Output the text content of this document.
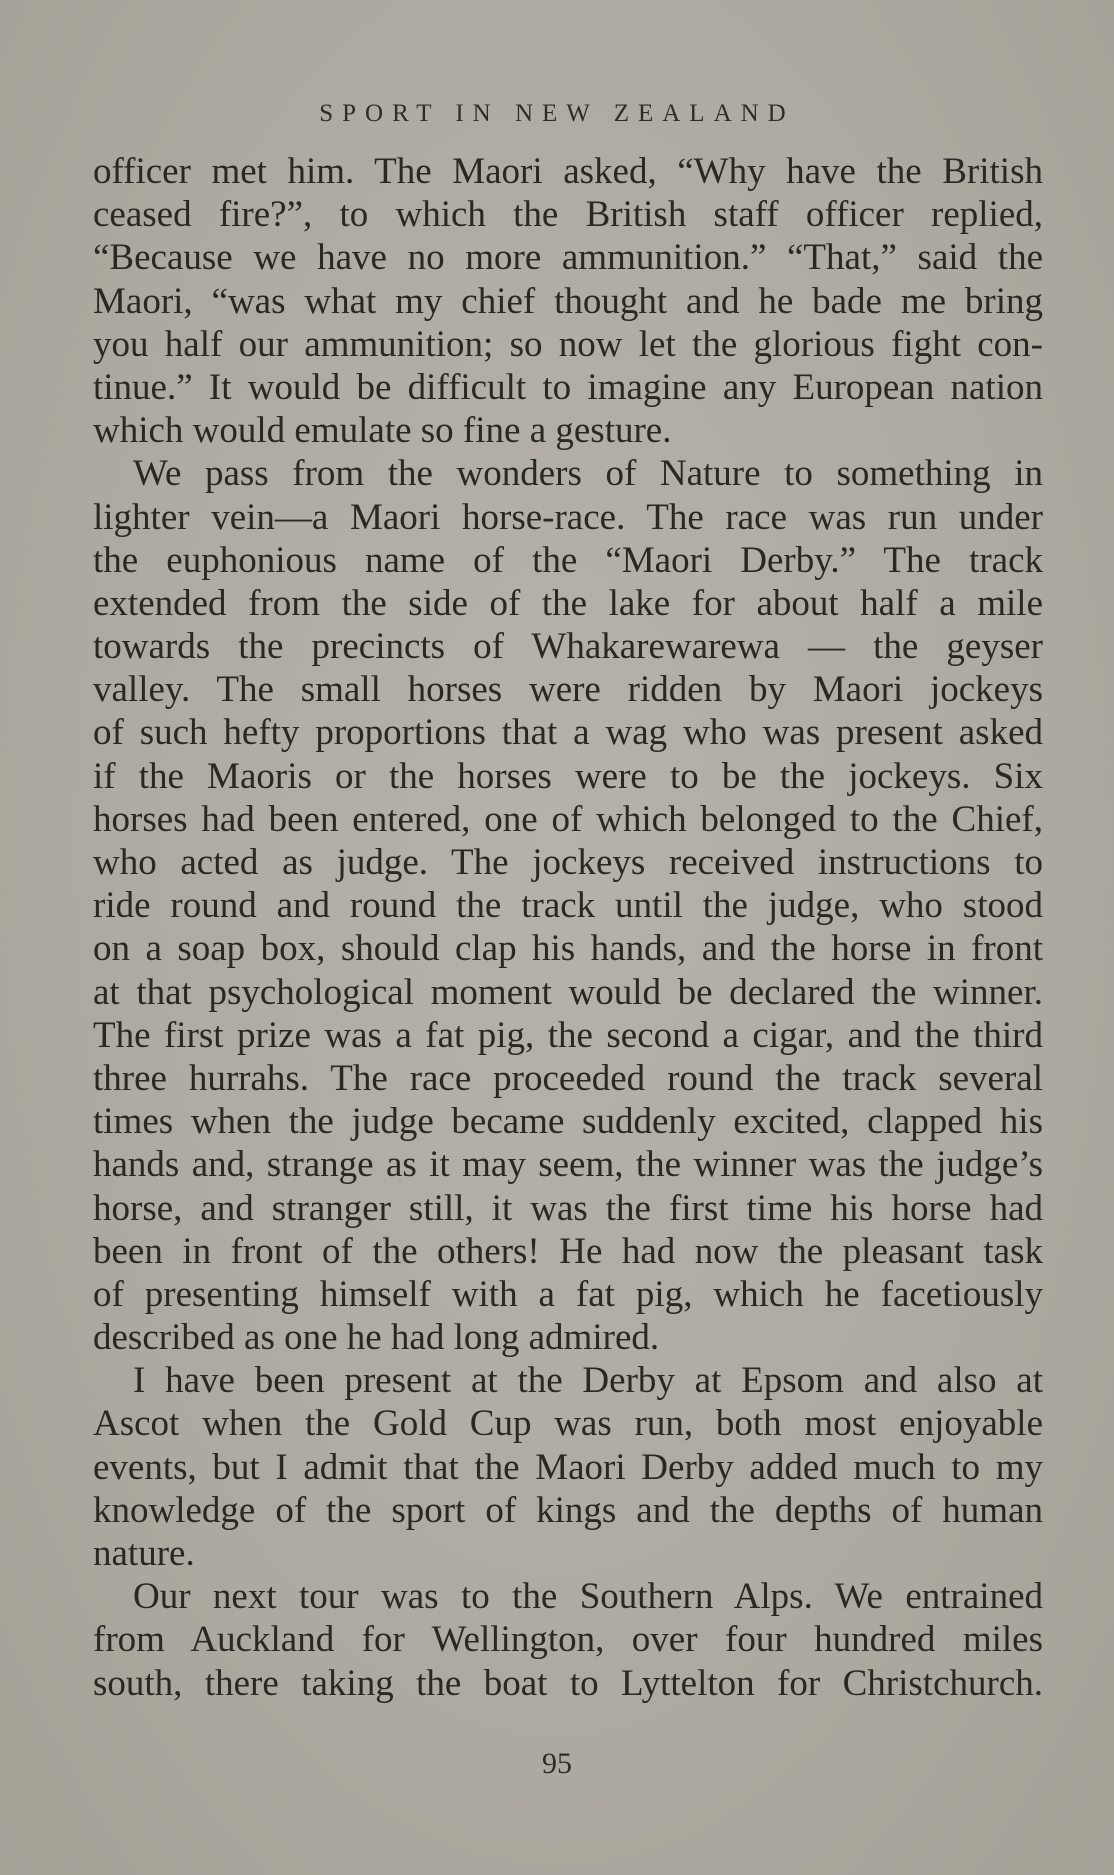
SPORT IN NEW ZEALAND
officer met him. The Maori asked, “Why have the British
ceased fire?”, to which the British staff officer replied,
“Because we have no more ammunition.” “That,” said the
Maori, “was what my chief thought and he bade me bring
you half our ammunition; so now let the glorious fight con-
tinue.” It would be difficult to imagine any European nation
which would emulate so fine a gesture.
We pass from the wonders of Nature to something in
lighter vein—a Maori horse-race. The race was run under
the euphonious name of the “Maori Derby.” The track
extended from the side of the lake for about half a mile
towards the precincts of Whakarewarewa — the geyser
valley. The small horses were ridden by Maori jockeys
of such hefty proportions that a wag who was present asked
if the Maoris or the horses were to be the jockeys. Six
horses had been entered, one of which belonged to the Chief,
who acted as judge. The jockeys received instructions to
ride round and round the track until the judge, who stood
on a soap box, should clap his hands, and the horse in front
at that psychological moment would be declared the winner.
The first prize was a fat pig, the second a cigar, and the third
three hurrahs. The race proceeded round the track several
times when the judge became suddenly excited, clapped his
hands and, strange as it may seem, the winner was the judge’s
horse, and stranger still, it was the first time his horse had
been in front of the others! He had now the pleasant task
of presenting himself with a fat pig, which he facetiously
described as one he had long admired.
I have been present at the Derby at Epsom and also at
Ascot when the Gold Cup was run, both most enjoyable
events, but I admit that the Maori Derby added much to my
knowledge of the sport of kings and the depths of human
nature.
Our next tour was to the Southern Alps. We entrained
from Auckland for Wellington, over four hundred miles
south, there taking the boat to Lyttelton for Christchurch.
95
